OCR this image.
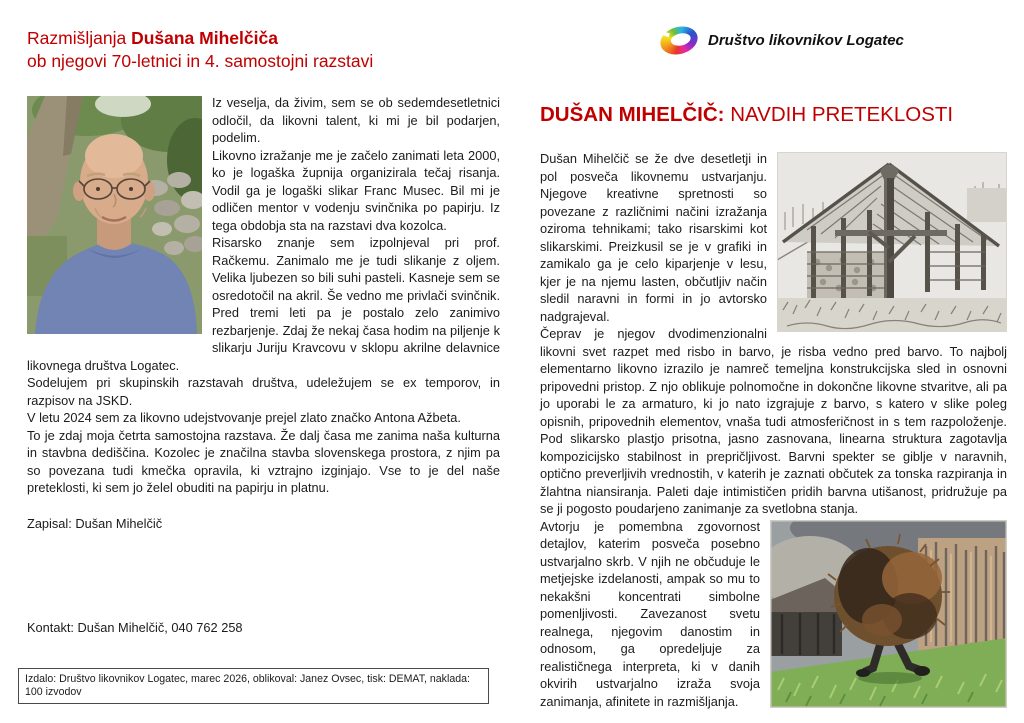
Razmišljanja Dušana Mihelčiča
ob njegovi 70-letnici in 4. samostojni razstavi

Iz veselja, da živim, sem se ob sedemdesetletnici odločil, da likovni talent, ki mi je bil podarjen, podelim.

Likovno izražanje me je začelo zanimati leta 2000, ko je logaška župnija organizirala tečaj risanja. Vodil ga je logaški slikar Franc Musec. Bil mi je odličen mentor v vodenju svinčnika po papirju. Iz tega obdobja sta na razstavi dva kozolca.

Risarsko znanje sem izpolnjeval pri prof. Račkemu. Zanimalo me je tudi slikanje z oljem. Velika ljubezen so bili suhi pasteli. Kasneje sem se osredotočil na akril. Še vedno me privlači svinčnik. Pred tremi leti pa je postalo zelo zanimivo rezbarjenje. Zdaj že nekaj časa hodim na piljenje k slikarju Juriju Kravcovu v sklopu akrilne delavnice likovnega društva Logatec.

Sodelujem pri skupinskih razstavah društva, udeležujem se ex temporov, in razpisov na JSKD.

V letu 2024 sem za likovno udejstvovanje prejel zlato značko Antona Ažbeta.

To je zdaj moja četrta samostojna razstava. Že dalj časa me zanima naša kulturna in stavbna dediščina. Kozolec je značilna stavba slovenskega prostora, z njim pa so povezana tudi kmečka opravila, ki vztrajno izginjajo. Vse to je del naše preteklosti, ki sem jo želel obuditi na papirju in platnu.

Zapisal: Dušan Mihelčič

Kontakt: Dušan Mihelčič, 040 762 258

Izdalo: Društvo likovnikov Logatec, marec 2026, oblikoval: Janez Ovsec, tisk: DEMAT, naklada: 100 izvodov
Društvo likovnikov Logatec
DUŠAN MIHELČIČ: NAVDIH PRETEKLOSTI

Dušan Mihelčič se že dve desetletji in pol posveča likovnemu ustvarjanju. Njegove kreativne spretnosti so povezane z različnimi načini izražanja oziroma tehnikami; tako risarskimi kot slikarskimi. Preizkusil se je v grafiki in zamikalo ga je celo kiparjenje v lesu, kjer je na njemu lasten, občutljiv način sledil naravni in formi in jo avtorsko nadgrajeval.

Čeprav je njegov dvodimenzionalni likovni svet razpet med risbo in barvo, je risba vedno pred barvo. To najbolj elementarno likovno izrazilo je namreč temeljna konstrukcijska sled in osnovni pripovedni pristop. Z njo oblikuje polnomočne in dokončne likovne stvaritve, ali pa jo uporabi le za armaturo, ki jo nato izgrajuje z barvo, s katero v slike poleg opisnih, pripovednih elementov, vnaša tudi atmosferičnost in s tem razpoloženje. Pod slikarsko plastjo prisotna, jasno zasnovana, linearna struktura zagotavlja kompozicijsko stabilnost in prepričljivost. Barvni spekter se giblje v naravnih, optično preverljivih vrednostih, v katerih je zaznati občutek za tonska razpiranja in žlahtna niansiranja. Paleti daje intimističen pridih barvna utišanost, pridružuje pa se ji pogosto poudarjeno zanimanje za svetlobna stanja.

Avtorju je pomembna zgovornost detajlov, katerim posveča posebno ustvarjalno skrb. V njih ne občuduje le metjejske izdelanosti, ampak so mu to nekakšni koncentrati simbolne pomenljivosti. Zavezanost svetu realnega, njegovim danostim in odnosom, ga opredeljuje za realističnega interpreta, ki v danih okvirih ustvarjalno izraža svoja zanimanja, afinitete in razmišljanja.
